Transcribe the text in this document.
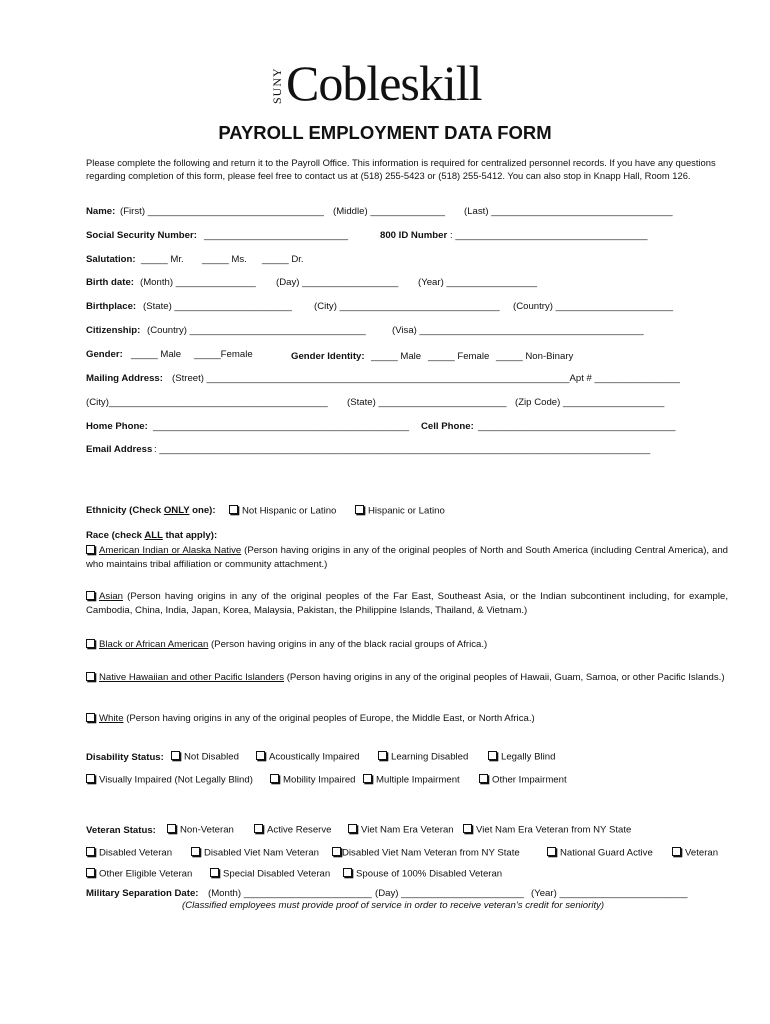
SUNY Cobleskill
PAYROLL EMPLOYMENT DATA FORM
Please complete the following and return it to the Payroll Office. This information is required for centralized personnel records. If you have any questions regarding completion of this form, please feel free to contact us at (518) 255-5423 or (518) 255-5412. You can also stop in Knapp Hall, Room 126.
Name: (First) _________________________________ (Middle) ______________ (Last) __________________________________
Social Security Number: ___________________________	800 ID Number : ____________________________________
Salutation: _____ Mr. _____ Ms. _____ Dr.
Birth date: (Month) _______________ (Day) __________________ (Year) _________________
Birthplace: (State) ______________________ (City) ______________________________ (Country) ______________________
Citizenship: (Country) _________________________________	(Visa) __________________________________________
Gender: _____ Male _____Female	Gender Identity: _____ Male _____ Female _____ Non-Binary
Mailing Address: (Street) ____________________________________________________________________Apt # ________________
(City)_________________________________________ (State) ________________________ (Zip Code) ___________________
Home Phone: ________________________________________________ Cell Phone: _____________________________________
Email Address : ____________________________________________________________________________________________
Ethnicity (Check ONLY one):	Not Hispanic or Latino	Hispanic or Latino
Race (check ALL that apply):
American Indian or Alaska Native (Person having origins in any of the original peoples of North and South America (including Central America), and who maintains tribal affiliation or community attachment.)
Asian (Person having origins in any of the original peoples of the Far East, Southeast Asia, or the Indian subcontinent including, for example, Cambodia, China, India, Japan, Korea, Malaysia, Pakistan, the Philippine Islands, Thailand, & Vietnam.)
Black or African American (Person having origins in any of the black racial groups of Africa.)
Native Hawaiian and other Pacific Islanders (Person having origins in any of the original peoples of Hawaii, Guam, Samoa, or other Pacific Islands.)
White (Person having origins in any of the original peoples of Europe, the Middle East, or North Africa.)
Disability Status:	Not Disabled	Acoustically Impaired	Learning Disabled	Legally Blind
Visually Impaired (Not Legally Blind)	Mobility Impaired	Multiple Impairment	Other Impairment
Veteran Status:	Non-Veteran	Active Reserve	Viet Nam Era Veteran	Viet Nam Era Veteran from NY State
Disabled Veteran	Disabled Viet Nam Veteran	Disabled Viet Nam Veteran from NY State	National Guard Active	Veteran
Other Eligible Veteran	Special Disabled Veteran	Spouse of 100% Disabled Veteran
Military Separation Date: (Month) ________________________ (Day) _______________________ (Year) ________________________
(Classified employees must provide proof of service in order to receive veteran’s credit for seniority)
